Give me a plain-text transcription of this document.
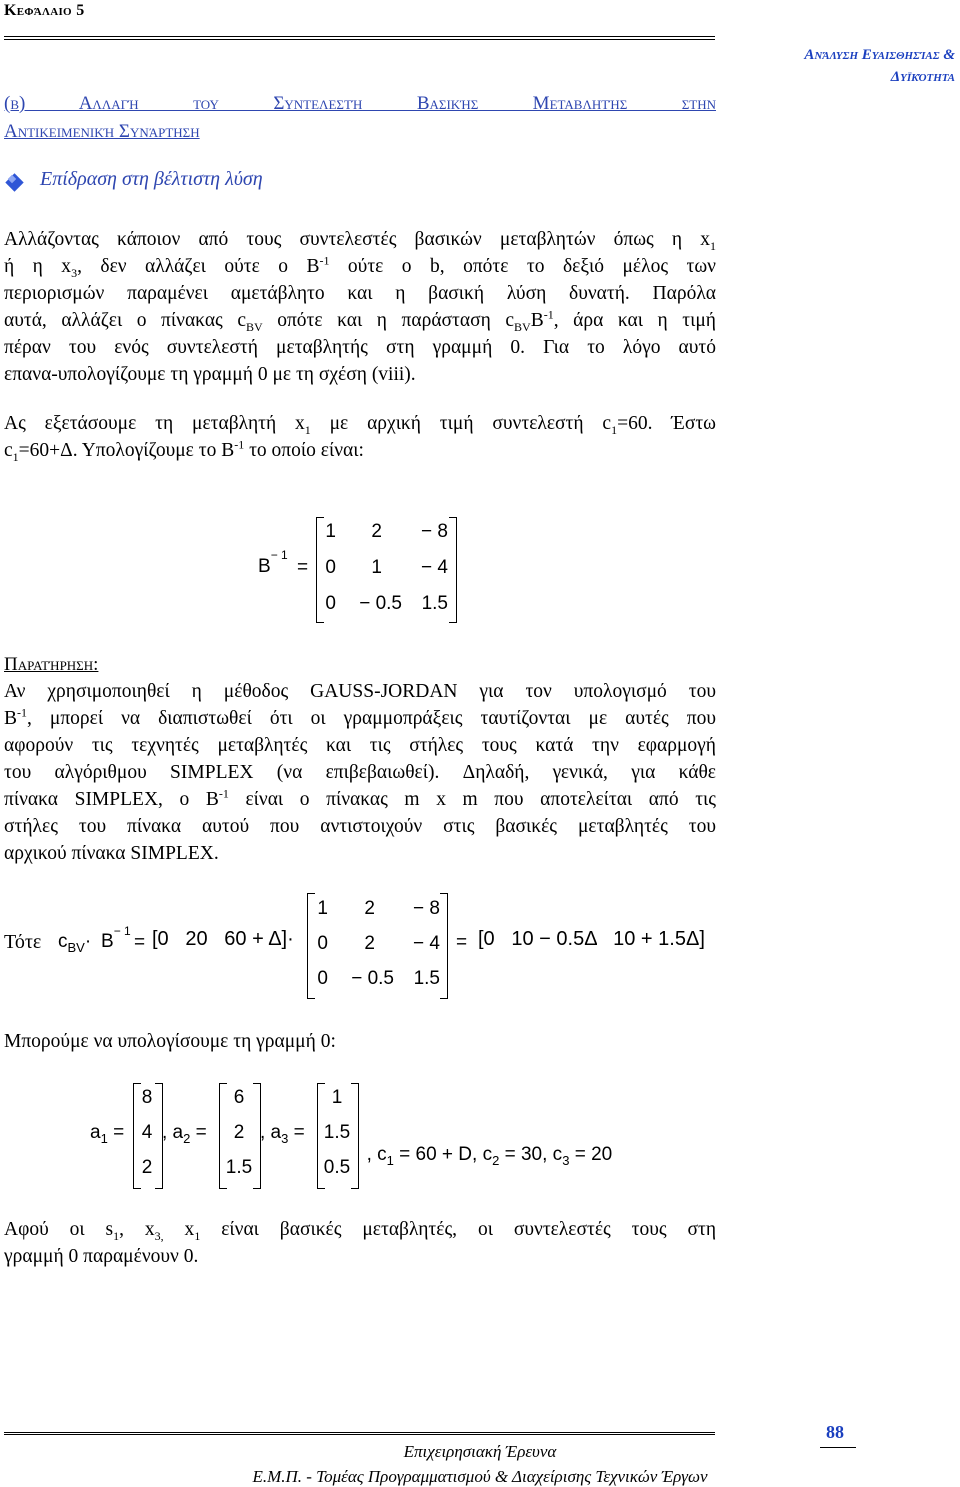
Κεφάλαιο 5
Ανάλυση Ευαισθησίας &
Δυϊκότητα
(β) Αλλαγή του Συντελεστή Βασικής Μεταβλητής στην
Αντικειμενική Συνάρτηση
Επίδραση στη βέλτιστη λύση
Αλλάζοντας κάποιον από τους συντελεστές βασικών μεταβλητών όπως η $x_1$
ή η $x_3$, δεν αλλάζει ούτε ο $B^{-1}$ ούτε ο b, οπότε το δεξιό μέλος των
περιορισμών παραμένει αμετάβλητο και η βασική λύση δυνατή. Παρόλα
αυτά, αλλάζει ο πίνακας $c_{BV}$ οπότε και η παράσταση $c_{BV}B^{-1}$, άρα και η τιμή
πέραν του ενός συντελεστή μεταβλητής στη γραμμή 0. Για το λόγο αυτό
επανα-υπολογίζουμε τη γραμμή 0 με τη σχέση (viii).
Ας εξετάσουμε τη μεταβλητή $x_1$ με αρχική τιμή συντελεστή $c_1=60$. Έστω
$c_1=60+\Delta$. Υπολογίζουμε το $B^{-1}$ το οποίο είναι:
$B^{- 1}$
=
1	2	− 8
0	1	− 4
0	− 0.5	1.5
Παρατήρηση:
Αν χρησιμοποιηθεί η μέθοδος GAUSS-JORDAN για τον υπολογισμό του
$B^{-1}$, μπορεί να διαπιστωθεί ότι οι γραμμοπράξεις ταυτίζονται με αυτές που
αφορούν τις τεχνητές μεταβλητές και τις στήλες τους κατά την εφαρμογή
του αλγόριθμου SIMPLEX (να επιβεβαιωθεί). Δηλαδή, γενικά, για κάθε
πίνακα SIMPLEX, ο $B^{-1}$ είναι ο πίνακας m x m που αποτελείται από τις
στήλες του πίνακα αυτού που αντιστοιχούν στις βασικές μεταβλητές του
αρχικού πίνακα SIMPLEX.
Τότε $c_{BV}\cdot B^{- 1}$
= [0   20   60 + Δ]·
1	2	− 8
0	2	− 4
0	− 0.5	1.5
= [0   10 − 0.5Δ   10 + 1.5Δ]
Μπορούμε να υπολογίσουμε τη γραμμή 0:
$a_1$ =
8
4
2
, $a_2$ =
6
2
1.5
, $a_3$ =
1
1.5
0.5

, $c_1 = 60 + D$, $c_2 = 30$, $c_3 = 20$

Αφού οι $s_1$, $x_{3,}$ $x_1$ είναι βασικές μεταβλητές, οι συντελεστές τους στη
γραμμή 0 παραμένουν 0.
88
Επιχειρησιακή Έρευνα
Ε.Μ.Π. - Τομέας Προγραμματισμού & Διαχείρισης Τεχνικών Έργων
